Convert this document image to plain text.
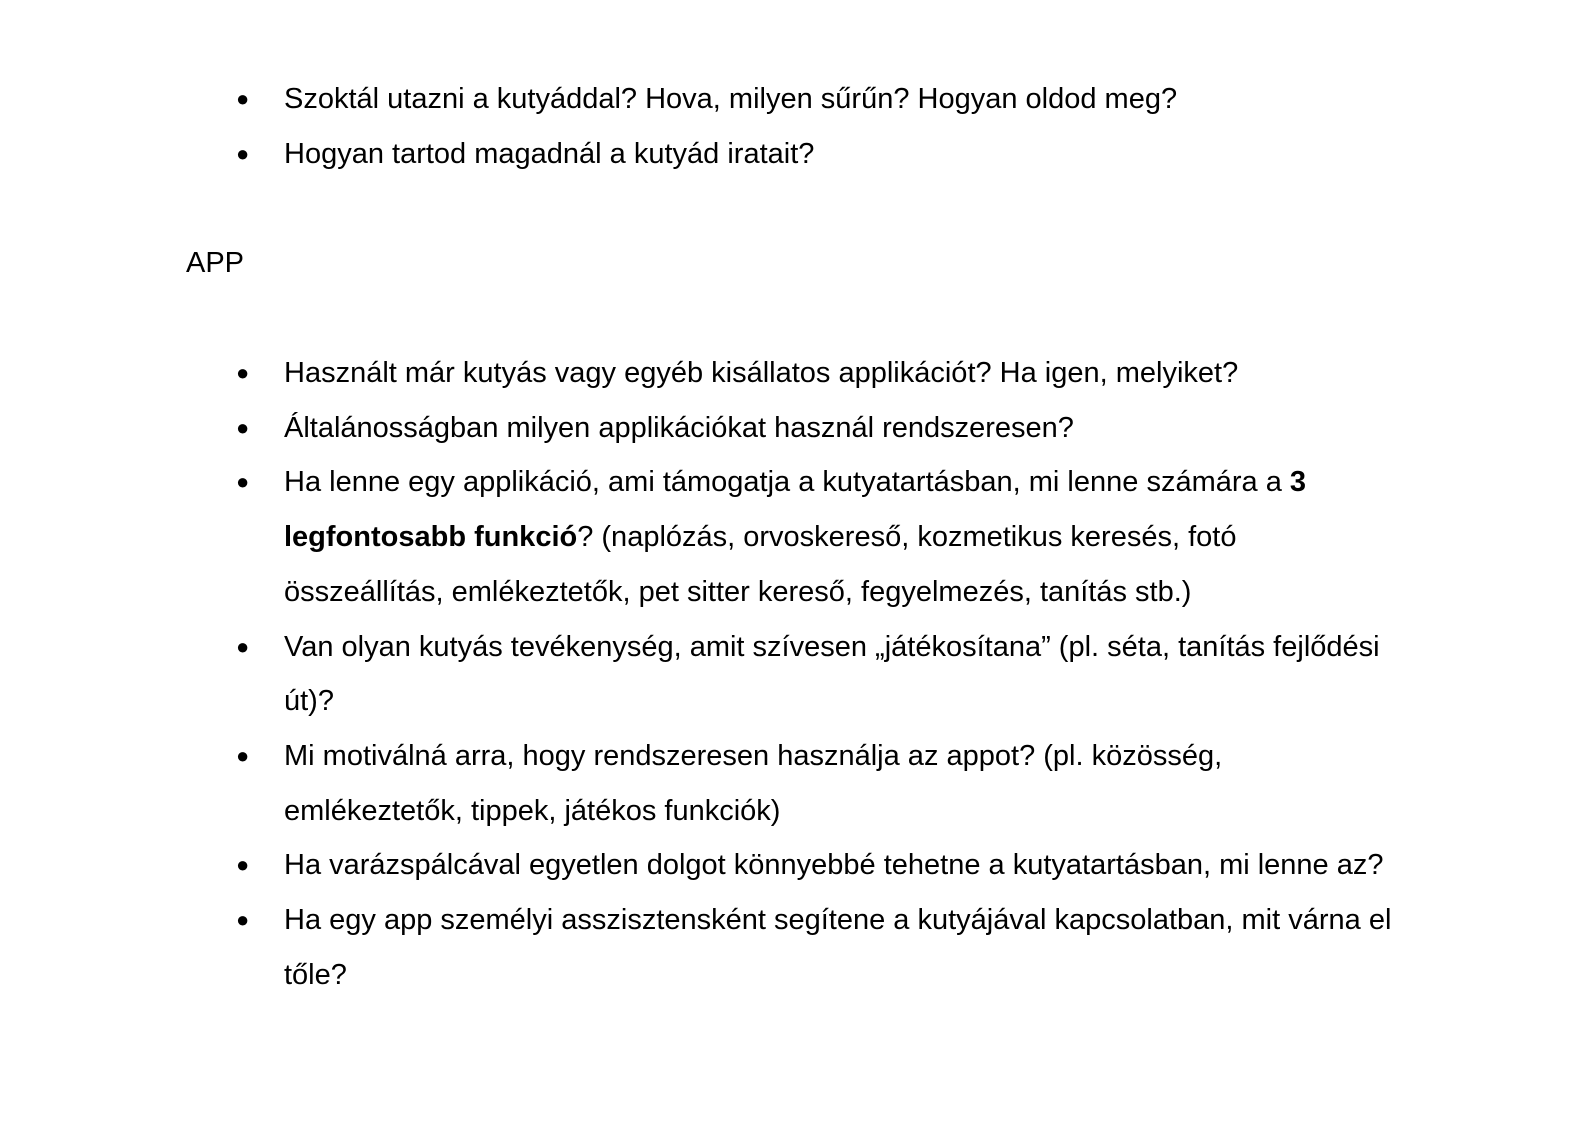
● Szoktál utazni a kutyáddal? Hova, milyen sűrűn? Hogyan oldod meg?
● Hogyan tartod magadnál a kutyád iratait?
APP
● Használt már kutyás vagy egyéb kisállatos applikációt? Ha igen, melyiket?
● Általánosságban milyen applikációkat használ rendszeresen?
● Ha lenne egy applikáció, ami támogatja a kutyatartásban, mi lenne számára a 3 legfontosabb funkció? (naplózás, orvoskereső, kozmetikus keresés, fotó összeállítás, emlékeztetők, pet sitter kereső, fegyelmezés, tanítás stb.)
● Van olyan kutyás tevékenység, amit szívesen „játékosítana” (pl. séta, tanítás fejlődési út)?
● Mi motiválná arra, hogy rendszeresen használja az appot? (pl. közösség, emlékeztetők, tippek, játékos funkciók)
● Ha varázspálcával egyetlen dolgot könnyebbé tehetne a kutyatartásban, mi lenne az?
● Ha egy app személyi asszisztensként segítene a kutyájával kapcsolatban, mit várna el tőle?
